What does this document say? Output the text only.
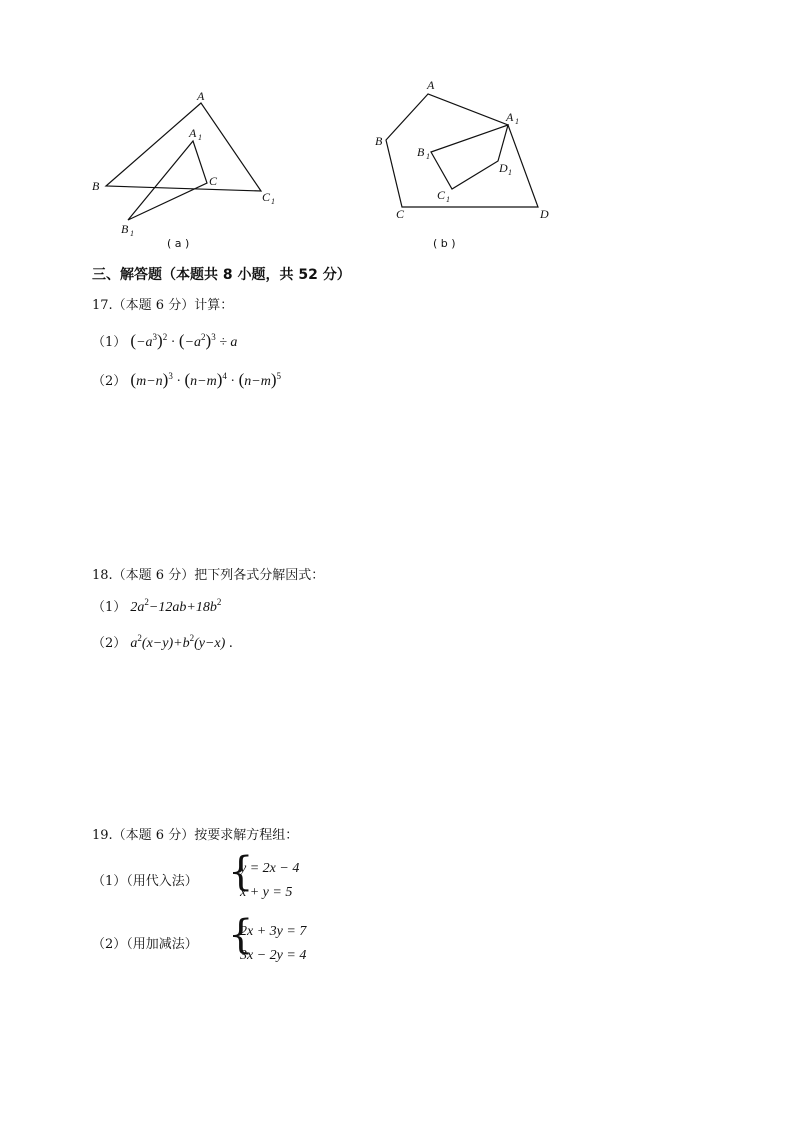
A
B	C
A 1
B 1
C 1
( a )
A
B
C	D
A 1
B 1
C 1
D 1
( b )
三、解答题（本题共 8 小题，共 52 分）
17.（本题 6 分）计算：
（1） $(-a^3)^2 \cdot (-a^2)^3 \div a$
（2） $(m-n)^3 \cdot (n-m)^4 \cdot (n-m)^5$
18.（本题 6 分）把下列各式分解因式：
（1） $2a^2-12ab+18b^2$
（2） $a^2(x-y)+b^2(y-x)$ .
19.（本题 6 分）按要求解方程组：
（1）（用代入法） {
y = 2x − 4
x + y = 5
（2）（用加减法） {
2x + 3y = 7
3x − 2y = 4
